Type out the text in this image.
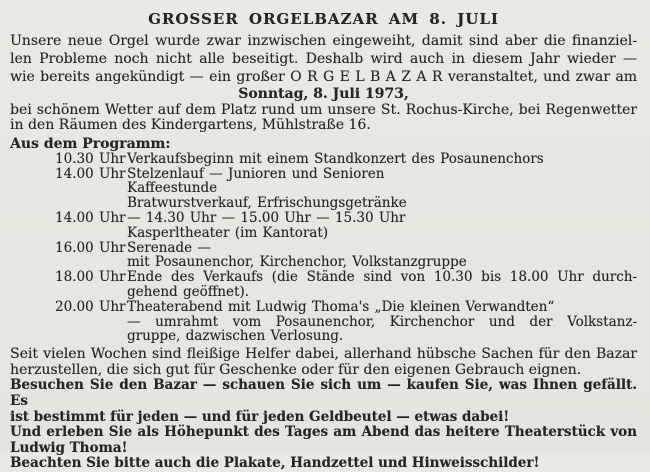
GROSSER ORGELBAZAR AM 8. JULI
Unsere neue Orgel wurde zwar inzwischen eingeweiht, damit sind aber die finanziel-
len Probleme noch nicht alle beseitigt. Deshalb wird auch in diesem Jahr wieder —
wie bereits angekündigt — ein großer O R G E L B A Z A R veranstaltet, und zwar am
Sonntag, 8. Juli 1973,
bei schönem Wetter auf dem Platz rund um unsere St. Rochus-Kirche, bei Regenwetter
in den Räumen des Kindergartens, Mühlstraße 16.
Aus dem Programm:
10.30 Uhr Verkaufsbeginn mit einem Standkonzert des Posaunenchors
14.00 Uhr Stelzenlauf — Junioren und Senioren
Kaffeestunde
Bratwurstverkauf, Erfrischungsgetränke
14.00 Uhr — 14.30 Uhr — 15.00 Uhr — 15.30 Uhr
Kasperltheater (im Kantorat)
16.00 Uhr Serenade —
mit Posaunenchor, Kirchenchor, Volkstanzgruppe
18.00 Uhr Ende des Verkaufs (die Stände sind von 10.30 bis 18.00 Uhr durch-
gehend geöffnet).
20.00 Uhr Theaterabend mit Ludwig Thoma's „Die kleinen Verwandten“
— umrahmt vom Posaunenchor, Kirchenchor und der Volkstanz-
gruppe, dazwischen Verlosung.
Seit vielen Wochen sind fleißige Helfer dabei, allerhand hübsche Sachen für den Bazar
herzustellen, die sich gut für Geschenke oder für den eigenen Gebrauch eignen.
Besuchen Sie den Bazar — schauen Sie sich um — kaufen Sie, was Ihnen gefällt. Es
ist bestimmt für jeden — und für jeden Geldbeutel — etwas dabei!
Und erleben Sie als Höhepunkt des Tages am Abend das heitere Theaterstück von
Ludwig Thoma!
Beachten Sie bitte auch die Plakate, Handzettel und Hinweisschilder!
